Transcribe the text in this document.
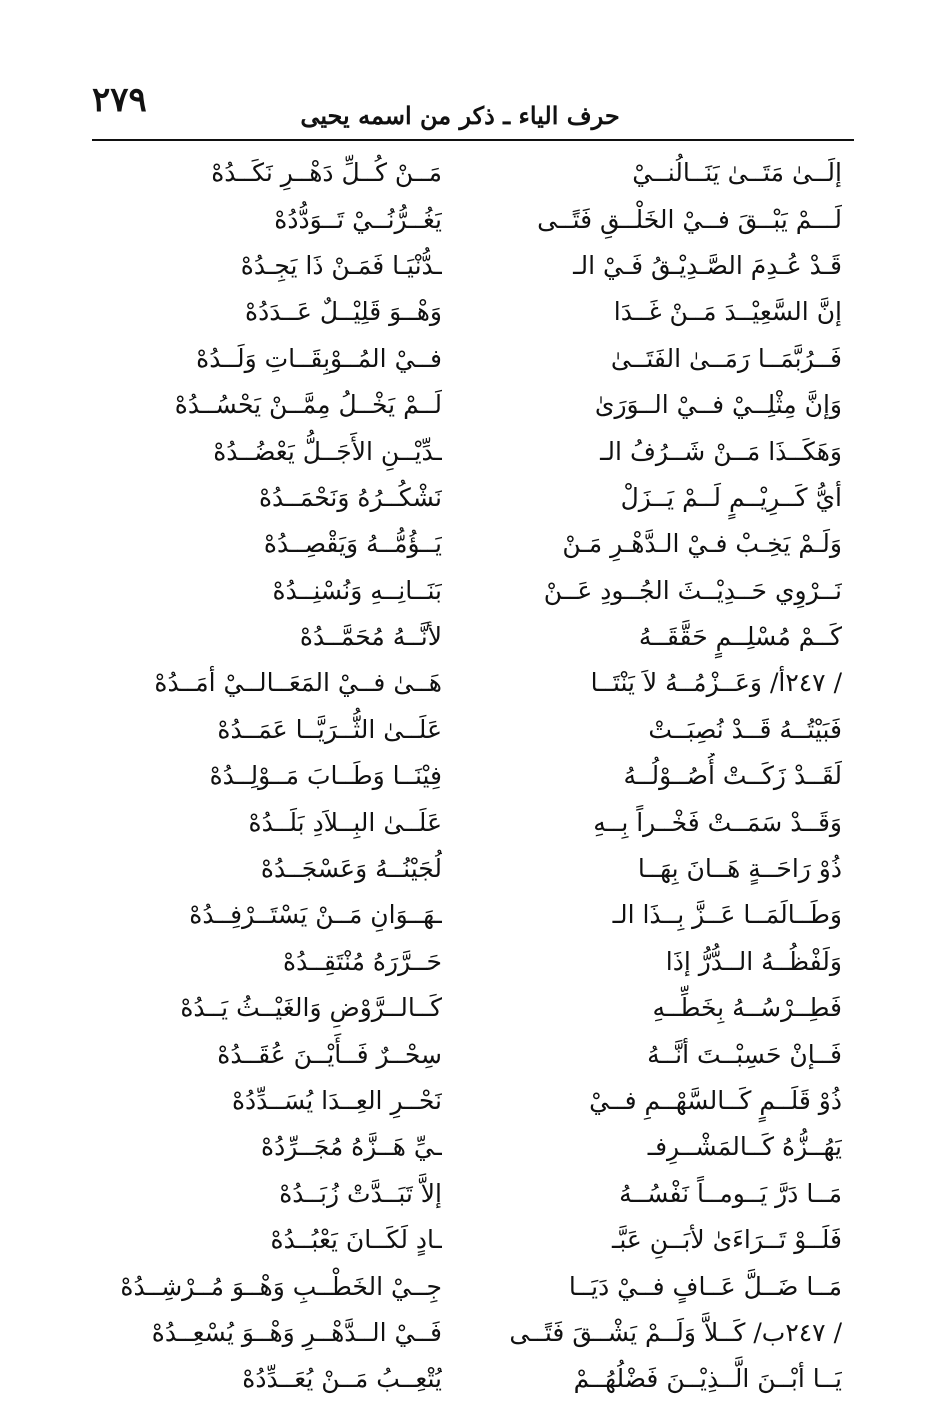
٢٧٩	حرف الياء ـ ذكر من اسمه يحيى
إلَــىٰ مَتَــىٰ يَنَــالُنــيْ
مَــنْ كُــلِّ دَهْــرِ نَكَــدُهْ
لَـــمْ يَبْــقَ فــيْ الخَلْــقِ فَتًــى
يَغُــرُّنُــيْ تَــوَدُّدُهْ
قَـدْ عُـدِمَ الصَّـدِيْـقُ فَـيْ الـ
ـدُّنْيَـا فَمَـنْ ذَا يَجِـدُهْ
إنَّ السَّعِيْــدَ مَــنْ غَــدَا
وَهْــوَ قَلِيْــلٌ عَــدَدُهْ
فَــرُبَّمَــا رَمَــىٰ الفَتَــىٰ
فــيْ المُــوْبِقَــاتِ وَلَــدُهْ
وَإنَّ مِثْلِــيْ فــيْ الــوَرَىٰ
لَــمْ يَخْــلُ مِمَّــنْ يَحْسُــدُهْ
وَهَكَــذَا مَــنْ شَــرُفُ الـ
ـدِّيْــنِ الأَجَــلُّ يَعْضُــدُهْ
أيُّ كَــرِيْــمٍ لَــمْ يَــزَلْ
نَشْكُــرُهُ وَنَحْمَــدُهْ
وَلَـمْ يَخِـبْ فـيْ الـدَّهْـرِ مَـنْ
يَــؤُمُّــهُ وَيَقْصِــدُهْ
نَــرْوِي حَــدِيْــثَ الجُــودِ عَــنْ
بَنَــانِــهِ وَنُسْنِــدُهْ
كَــمْ مُسْلِــمٍ حَقَّقَــهُ
لأنَّــهُ مُحَمَّــدُهْ
/ ٢٤٧أ/ وَعَــزْمُــهُ لاَ يَنْتَــا
هَــىٰ فــيْ المَعَــالــيْ أمَــدُهْ
فَبَيْتُــهُ قَــدْ نُصِبَــتْ
عَلَــىٰ الثُّــرَيَّــا عَمَــدُهْ
لَقَــدْ زَكَــتْ أُصُــوْلُــهُ
فِيْنَــا وَطَــابَ مَــوْلِــدُهْ
وَقَــدْ سَمَــتْ فَخْــراً بِــهِ
عَلَــىٰ البِــلاَدِ بَلَــدُهْ
ذُوْ رَاحَــةٍ هَــانَ بِهَــا
لُجَيْنُــهُ وَعَسْجَــدُهْ
وَطَــالَمَــا عَــزَّ بِــذَا الـ
ـهَــوَانِ مَــنْ يَسْتَــرْفِــدُهْ
وَلَفْظُــهُ الــدُّرُّ إذَا
حَــرَّرَهُ مُنْتَقِــدُهْ
فَطِــرْسُــهُ بِخَطِّــهِ
كَــالــرَّوْضِ وَالغَيْــثُ يَــدُهْ
فَــإنْ حَسِبْــتَ أنَّــهُ
سِحْــرٌ فَــأَيْــنَ عُقَــدُهْ
ذُوْ قَلَــمٍ كَــالسَّهْــمِ فــيْ
نَحْــرِ العِــدَا يُسَــدِّدُهْ
يَهُــزُّهُ كَــالمَشْــرِفـ
ـيِّ هَــزَّهُ مُجَــرِّدُهْ
مَــا دَرَّ يَــومــاً نَفْسُــهُ
إلاَّ تَبَــدَّتْ زُبَــدُهْ
فَلَــوْ تَــرَاءَىٰ لأبَــنِ عَبَّـ
ـادٍ لَكَــانَ يَعْبُــدُهْ
مَــا ضَــلَّ عَــافٍ فــيْ دَيَــا
جِــيْ الخَطْــبِ وَهْــوَ مُــرْشِــدُهْ
/ ٢٤٧ب/ كَــلاَّ وَلَــمْ يَشْــقَ فَتًــى
فَــيْ الــدَّهْــرِ وَهْــوَ يُسْعِــدُهْ
يَــا أبْــنَ الَّــذِيْــنَ فَضْلُهُــمْ
يُتْعِــبُ مَــنْ يُعَــدِّدُهْ
